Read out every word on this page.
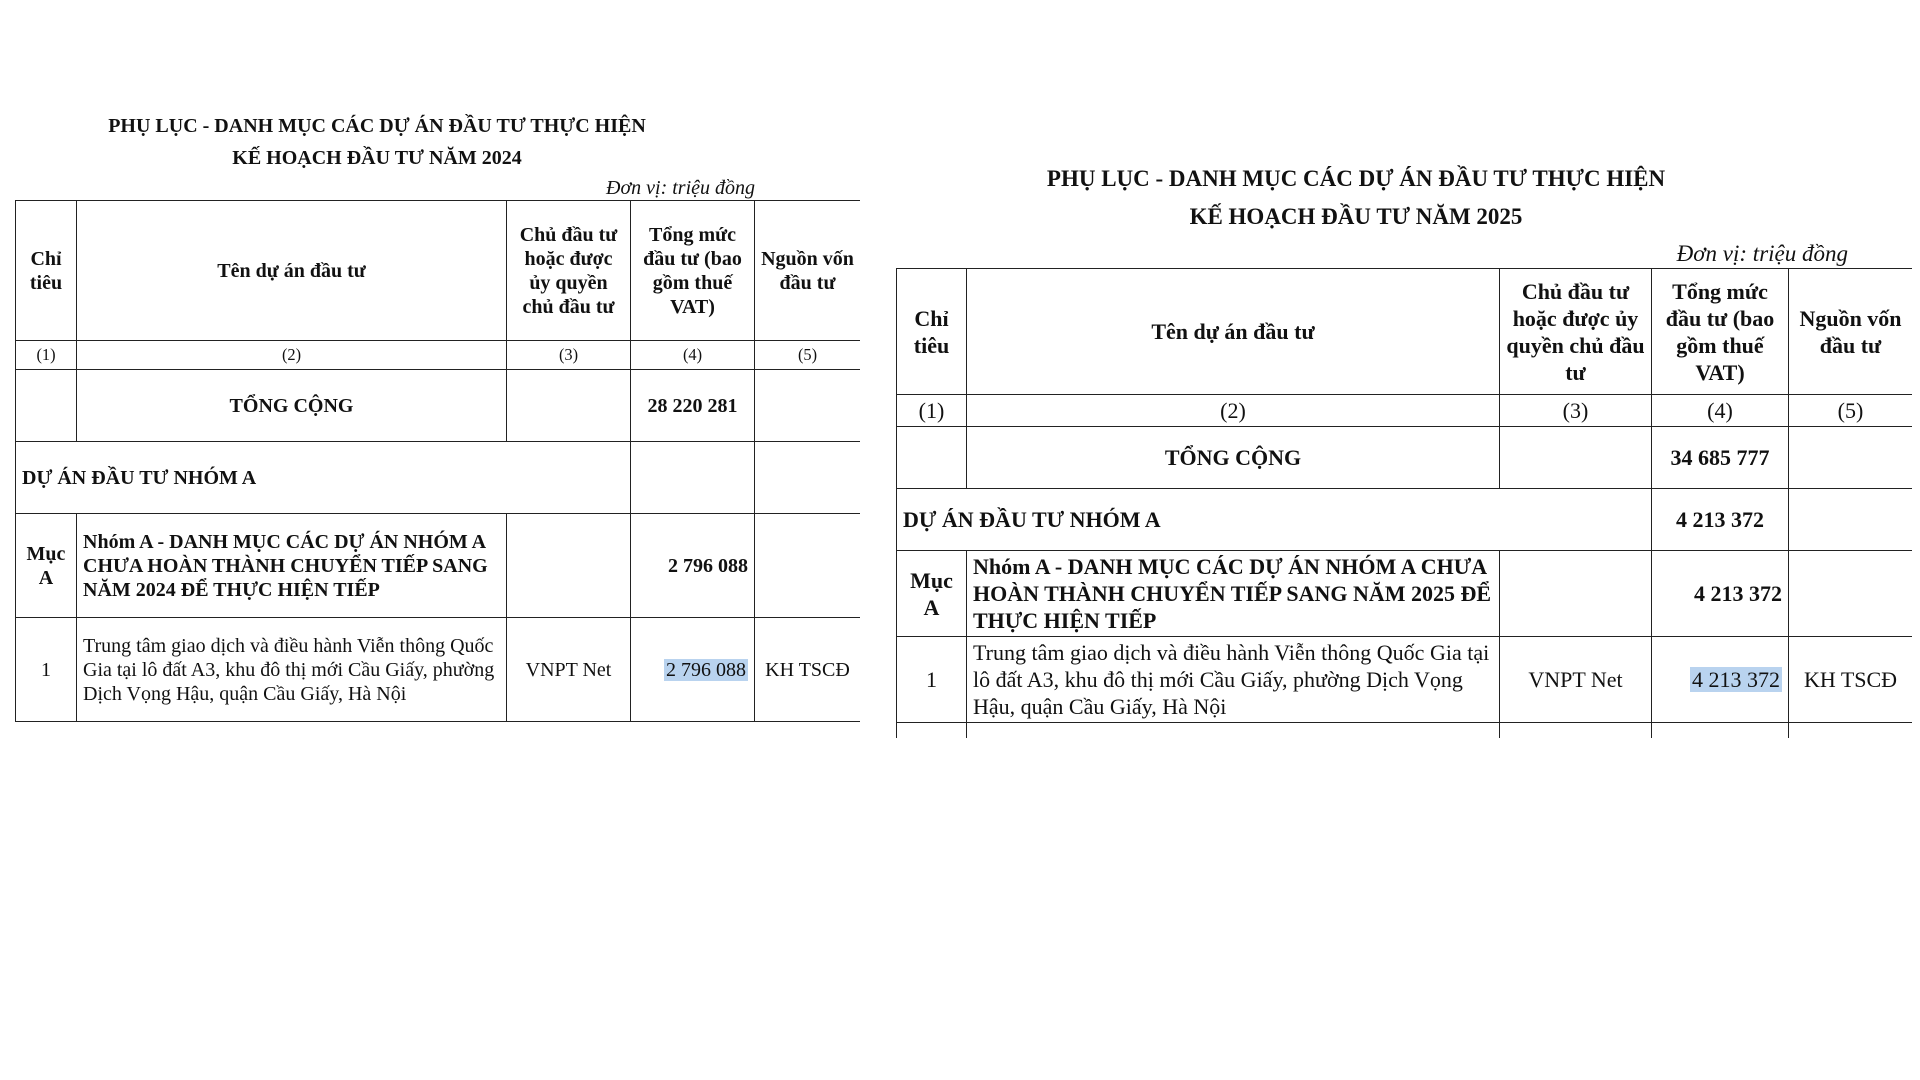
PHỤ LỤC - DANH MỤC CÁC DỰ ÁN ĐẦU TƯ THỰC HIỆN
KẾ HOẠCH ĐẦU TƯ NĂM 2024
Đơn vị: triệu đồng
Chỉ tiêu	Tên dự án đầu tư	Chủ đầu tư hoặc được ủy quyền chủ đầu tư	Tổng mức đầu tư (bao gồm thuế VAT)	Nguồn vốn đầu tư
(1)	(2)	(3)	(4)	(5)
	TỔNG CỘNG		28 220 281	
DỰ ÁN ĐẦU TƯ NHÓM A				
Mục A	Nhóm A - DANH MỤC CÁC DỰ ÁN NHÓM A CHƯA HOÀN THÀNH CHUYỂN TIẾP SANG NĂM 2024 ĐỂ THỰC HIỆN TIẾP		2 796 088	
1	Trung tâm giao dịch và điều hành Viễn thông Quốc Gia tại lô đất A3, khu đô thị mới Cầu Giấy, phường Dịch Vọng Hậu, quận Cầu Giấy, Hà Nội	VNPT Net	2 796 088	KH TSCĐ
PHỤ LỤC - DANH MỤC CÁC DỰ ÁN ĐẦU TƯ THỰC HIỆN
KẾ HOẠCH ĐẦU TƯ NĂM 2025
Đơn vị: triệu đồng
Chỉ tiêu	Tên dự án đầu tư	Chủ đầu tư hoặc được ủy quyền chủ đầu tư	Tổng mức đầu tư (bao gồm thuế VAT)	Nguồn vốn đầu tư
(1)	(2)	(3)	(4)	(5)
	TỔNG CỘNG		34 685 777	
DỰ ÁN ĐẦU TƯ NHÓM A			4 213 372	
Mục A	Nhóm A - DANH MỤC CÁC DỰ ÁN NHÓM A CHƯA HOÀN THÀNH CHUYỂN TIẾP SANG NĂM 2025 ĐỂ THỰC HIỆN TIẾP		4 213 372	
1	Trung tâm giao dịch và điều hành Viễn thông Quốc Gia tại lô đất A3, khu đô thị mới Cầu Giấy, phường Dịch Vọng Hậu, quận Cầu Giấy, Hà Nội	VNPT Net	4 213 372	KH TSCĐ
